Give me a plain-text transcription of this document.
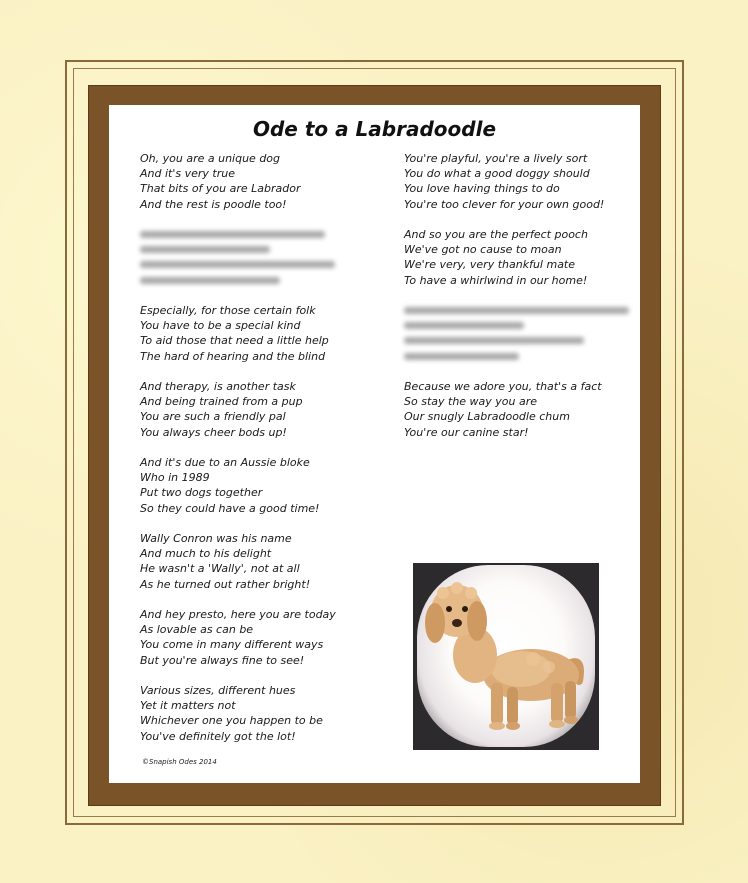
Ode to a Labradoodle
Oh, you are a unique dog
And it's very true
That bits of you are Labrador
And the rest is poodle too!
Especially, for those certain folk
You have to be a special kind
To aid those that need a little help
The hard of hearing and the blind
And therapy, is another task
And being trained from a pup
You are such a friendly pal
You always cheer bods up!
And it's due to an Aussie bloke
Who in 1989
Put two dogs together
So they could have a good time!
Wally Conron was his name
And much to his delight
He wasn't a 'Wally', not at all
As he turned out rather bright!
And hey presto, here you are today
As lovable as can be
You come in many different ways
But you're always fine to see!
Various sizes, different hues
Yet it matters not
Whichever one you happen to be
You've definitely got the lot!
You're playful, you're a lively sort
You do what a good doggy should
You love having things to do
You're too clever for your own good!
And so you are the perfect pooch
We've got no cause to moan
We're very, very thankful mate
To have a whirlwind in our home!
Because we adore you, that's a fact
So stay the way you are
Our snugly Labradoodle chum
You're our canine star!
©Snapish Odes 2014
